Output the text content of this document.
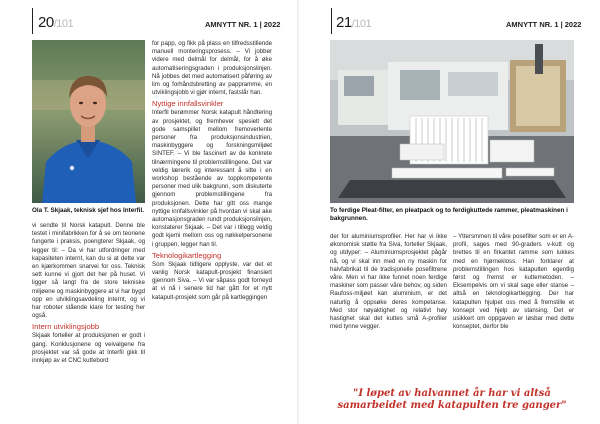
20/101	AMNYTT NR. 1 | 2022
Ola T. Skjaak, teknisk sjef hos Interfil.

vi sendte til Norsk katapult. Denne ble testet i minifabrikken for å se om teoriene fungerte i praksis, poengterer Skjaak, og legger til: – Da vi har utfordringer med kapasiteten internt, kan du si at dette var en kjærkommen snarvei for oss. Teknisk sett kunne vi gjort det her på huset. Vi ligger så langt fra de store tekniske miljøene og maskinbyggere at vi har bygd opp en utviklingsavdeling internt, og vi har roboter stående klare for testing her også.

Intern utviklingsjobb

Skjaak forteller at produksjonen er godt i gang. Konklusjonene og veivalgene fra prosjektet var så gode at Interfil gikk til innkjøp av et CNC kuttebord

for papp, og fikk på plass en tilfredsstillende manuell monteringsprosess. – Vi jobber videre med delmål for delmål, for å øke automatiseringsgraden i produksjonslinjen. Nå jobbes det med automatisert påføring av lim og forhåndsbretting av pappramme, en utviklingsjobb vi gjør internt, fastslår han.

Nyttige innfallsvinkler

Interfil berømmer Norsk katapult håndtering av prosjektet, og fremhever spesielt det gode samspillet mellom fremoverlente personer fra produksjonsindustrien, maskinbyggere og forskningsmiljøet SINTEF. – Vi ble fascinert av de konkrete tilnærmingene til problemstillingene. Det var veldig lærerik og interessant å sitte i en workshop bestående av toppkompetente personer med ulik bakgrunn, som diskuterte gjennom problemstillingene fra produksjonen. Dette har gitt oss mange nyttige innfallsvinkler på hvordan vi skal ake automasjonsgraden rundt produksjonslinjen, konstaterer Skjaak. – Det var i tillegg veldig godt kjemi mellom oss og nøkkelpersonene i gruppen, legger han til.

Teknologikartlegging

Som Skjaak tidligere opplyste, var det et vanlig Norsk katapult-prosjekt finansiert gjennom Siva. – Vi var såpass godt forneyd at vi nå i senere tid har gått for et nytt katapult-prosjekt som går på kartleggingen

21/101	AMNYTT NR. 1 | 2022
To ferdige Pleat-filter, en pleatpack og to ferdigkuttede rammer, pleatmaskinen i bakgrunnen.

der for aluminiumsprofiler. Her har vi ikke økonomisk støtte fra Siva, forteller Skjaak, og utdyper: – Aluminiumsprosjektet pågår nå, og vi skal inn med en ny maskin for halvfabrikat til de tradisjonelle posefiltrene våre. Men vi har ikke funnet noen ferdige maskiner som passer våre behov, og siden Raufoss-miljøet kan aluminium, er det naturlig å oppsøke deres kompetanse. Med stor nøyaktighet og relativt høy hastighet skal det kuttes små A-profiler med tynne vegger.

– Yttersmmen til våre posefilter som er en A-profil, sages med 90-graders v-kutt og brettes til en firkantet ramme som lukkes med en hjørnekloss. Han forklarer at problemstillingen hos katapulten egentlig først og fremst er kuttemetoden. – Eksempelvis om vi skal sage eller stanse – altså en teknologikartlegging. Der har katapulten hjulpet oss med å fremstille et konsept ved hjelp av stansing. Det er usikkert om oppgaven er løsbar med dette konseptet, derfor ble

"I løpet av halvannet år har vi altså
samarbeidet med katapulten tre ganger"
